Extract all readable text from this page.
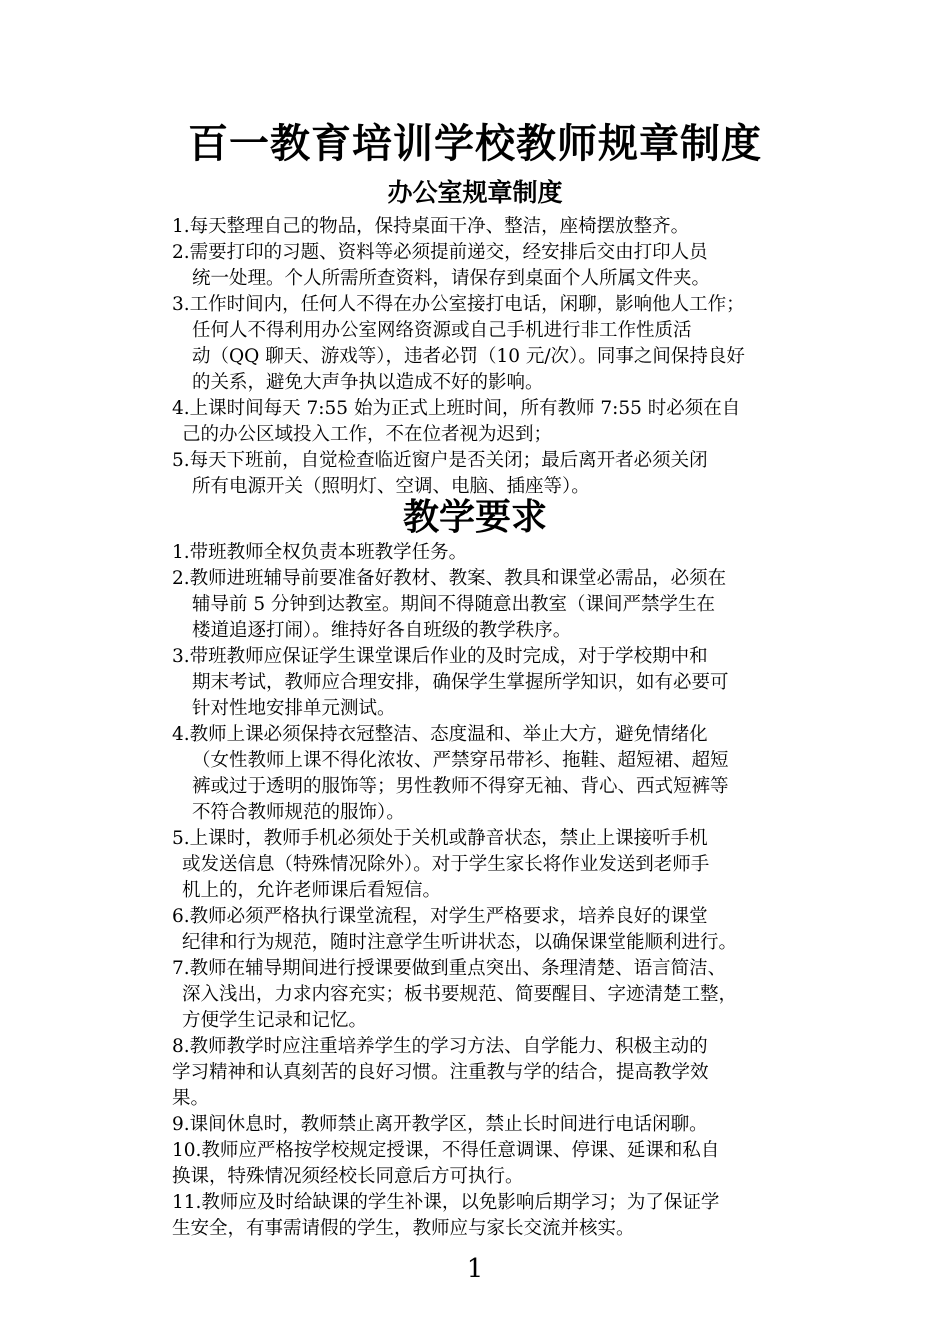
百一教育培训学校教师规章制度
办公室规章制度

1.每天整理自己的物品，保持桌面干净、整洁，座椅摆放整齐。

2.需要打印的习题、资料等必须提前递交，经安排后交由打印人员
统一处理。个人所需所查资料，请保存到桌面个人所属文件夹。

3.工作时间内，任何人不得在办公室接打电话，闲聊，影响他人工作；
任何人不得利用办公室网络资源或自己手机进行非工作性质活
动（QQ 聊天、游戏等），违者必罚（10 元/次）。同事之间保持良好
的关系，避免大声争执以造成不好的影响。

4.上课时间每天 7:55 始为正式上班时间，所有教师 7:55 时必须在自
己的办公区域投入工作，不在位者视为迟到；

5.每天下班前，自觉检查临近窗户是否关闭；最后离开者必须关闭
所有电源开关（照明灯、空调、电脑、插座等）。

教学要求

1.带班教师全权负责本班教学任务。

2.教师进班辅导前要准备好教材、教案、教具和课堂必需品，必须在
辅导前 5 分钟到达教室。期间不得随意出教室（课间严禁学生在
楼道追逐打闹）。维持好各自班级的教学秩序。

3.带班教师应保证学生课堂课后作业的及时完成，对于学校期中和
期末考试，教师应合理安排，确保学生掌握所学知识，如有必要可
针对性地安排单元测试。

4.教师上课必须保持衣冠整洁、态度温和、举止大方，避免情绪化
（女性教师上课不得化浓妆、严禁穿吊带衫、拖鞋、超短裙、超短
裤或过于透明的服饰等；男性教师不得穿无袖、背心、西式短裤等
不符合教师规范的服饰）。

5.上课时，教师手机必须处于关机或静音状态，禁止上课接听手机
或发送信息（特殊情况除外）。对于学生家长将作业发送到老师手
机上的，允许老师课后看短信。

6.教师必须严格执行课堂流程，对学生严格要求，培养良好的课堂
纪律和行为规范，随时注意学生听讲状态，以确保课堂能顺利进行。

7.教师在辅导期间进行授课要做到重点突出、条理清楚、语言简洁、
深入浅出，力求内容充实；板书要规范、简要醒目、字迹清楚工整，
方便学生记录和记忆。

8.教师教学时应注重培养学生的学习方法、自学能力、积极主动的
学习精神和认真刻苦的良好习惯。注重教与学的结合，提高教学效
果。

9.课间休息时，教师禁止离开教学区，禁止长时间进行电话闲聊。

10.教师应严格按学校规定授课，不得任意调课、停课、延课和私自
换课，特殊情况须经校长同意后方可执行。

11.教师应及时给缺课的学生补课，以免影响后期学习；为了保证学
生安全，有事需请假的学生，教师应与家长交流并核实。

1
